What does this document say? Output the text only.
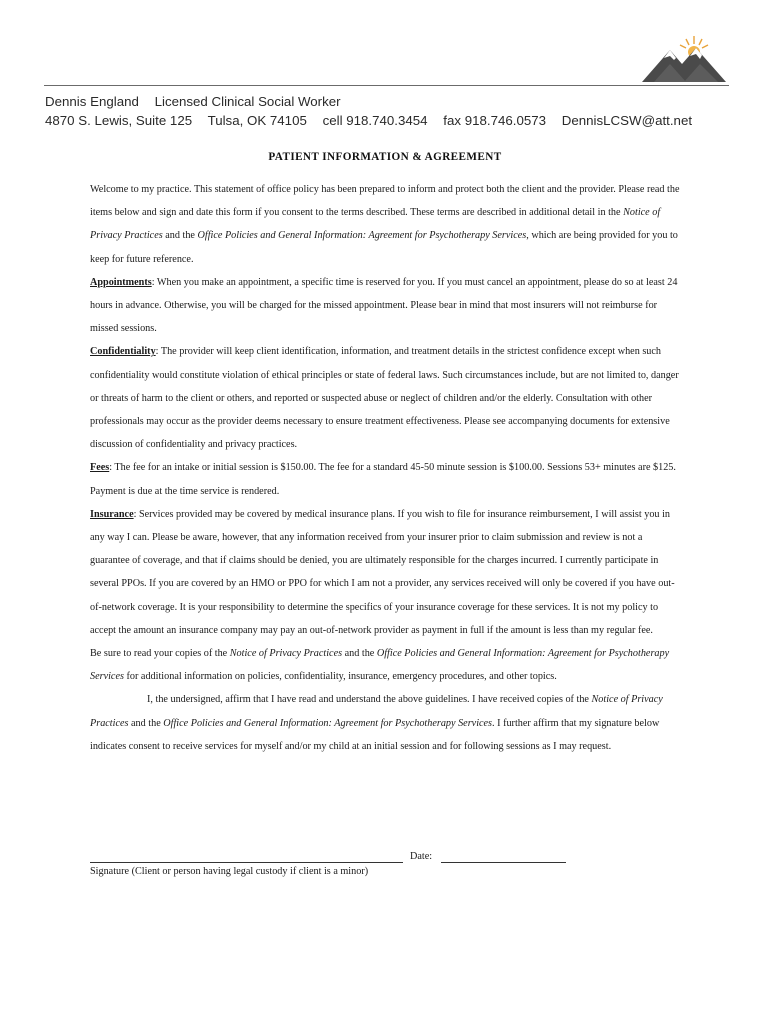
Dennis England Licensed Clinical Social Worker
4870 S. Lewis, Suite 125 Tulsa, OK 74105 cell 918.740.3454 fax 918.746.0573 DennisLCSW@att.net
PATIENT INFORMATION & AGREEMENT

Welcome to my practice. This statement of office policy has been prepared to inform and protect both the client and the provider. Please read the items below and sign and date this form if you consent to the terms described. These terms are described in additional detail in the Notice of Privacy Practices and the Office Policies and General Information: Agreement for Psychotherapy Services, which are being provided for you to keep for future reference.

Appointments: When you make an appointment, a specific time is reserved for you. If you must cancel an appointment, please do so at least 24 hours in advance. Otherwise, you will be charged for the missed appointment. Please bear in mind that most insurers will not reimburse for missed sessions.

Confidentiality: The provider will keep client identification, information, and treatment details in the strictest confidence except when such confidentiality would constitute violation of ethical principles or state of federal laws. Such circumstances include, but are not limited to, danger or threats of harm to the client or others, and reported or suspected abuse or neglect of children and/or the elderly. Consultation with other professionals may occur as the provider deems necessary to ensure treatment effectiveness. Please see accompanying documents for extensive discussion of confidentiality and privacy practices.

Fees: The fee for an intake or initial session is $150.00. The fee for a standard 45-50 minute session is $100.00. Sessions 53+ minutes are $125. Payment is due at the time service is rendered.

Insurance: Services provided may be covered by medical insurance plans. If you wish to file for insurance reimbursement, I will assist you in any way I can. Please be aware, however, that any information received from your insurer prior to claim submission and review is not a guarantee of coverage, and that if claims should be denied, you are ultimately responsible for the charges incurred. I currently participate in several PPOs. If you are covered by an HMO or PPO for which I am not a provider, any services received will only be covered if you have out-of-network coverage. It is your responsibility to determine the specifics of your insurance coverage for these services. It is not my policy to accept the amount an insurance company may pay an out-of-network provider as payment in full if the amount is less than my regular fee.

Be sure to read your copies of the Notice of Privacy Practices and the Office Policies and General Information: Agreement for Psychotherapy Services for additional information on policies, confidentiality, insurance, emergency procedures, and other topics.

I, the undersigned, affirm that I have read and understand the above guidelines. I have received copies of the Notice of Privacy Practices and the Office Policies and General Information: Agreement for Psychotherapy Services. I further affirm that my signature below indicates consent to receive services for myself and/or my child at an initial session and for following sessions as I may request.

Date:
Signature (Client or person having legal custody if client is a minor)
